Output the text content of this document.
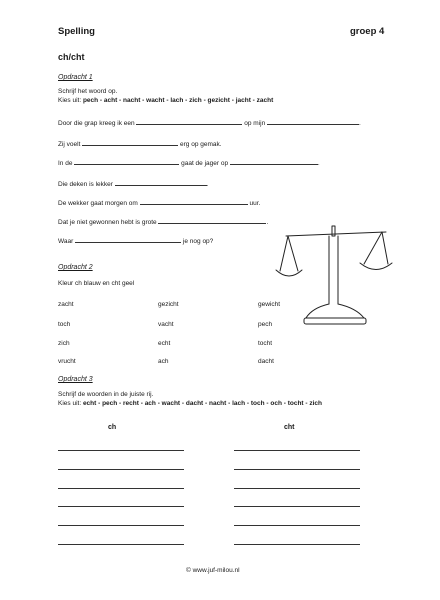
Spelling	groep 4
ch/cht
Opdracht 1
Schrijf het woord op.
Kies uit: pech - acht - nacht - wacht - lach - zich - gezicht - jacht - zacht
Door die grap kreeg ik een	op mijn	.
Zij voelt	erg op gemak.
In de	gaat de jager op	.
Die deken is lekker	.
De wekker gaat morgen om	uur.
Dat je niet gewonnen hebt is grote	.
Waar	je nog op?
Opdracht 2
Kleur ch blauw en cht geel
zacht	gezicht	gewicht
toch	vacht	pech
zich	echt	tocht
vrucht	ach	dacht
Opdracht 3
Schrijf de woorden in de juiste rij.
Kies uit: echt - pech - recht - ach - wacht - dacht - nacht - lach - toch - och - tocht - zich
ch	cht
© www.juf-milou.nl
